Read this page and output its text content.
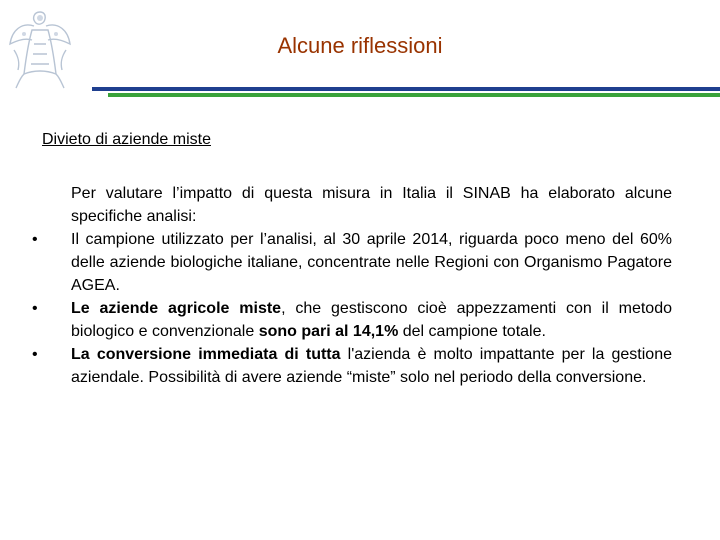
Alcune riflessioni
Divieto di aziende miste
Per valutare l’impatto di questa misura in Italia il SINAB ha elaborato alcune specifiche analisi:
• Il campione utilizzato per l’analisi, al 30 aprile 2014, riguarda poco meno del 60% delle aziende biologiche italiane, concentrate nelle Regioni con Organismo Pagatore AGEA.
• Le aziende agricole miste, che gestiscono cioè appezzamenti con il metodo biologico e convenzionale sono pari al 14,1% del campione totale.
• La conversione immediata di tutta l'azienda è molto impattante per la gestione aziendale. Possibilità di avere aziende “miste” solo nel periodo della conversione.
